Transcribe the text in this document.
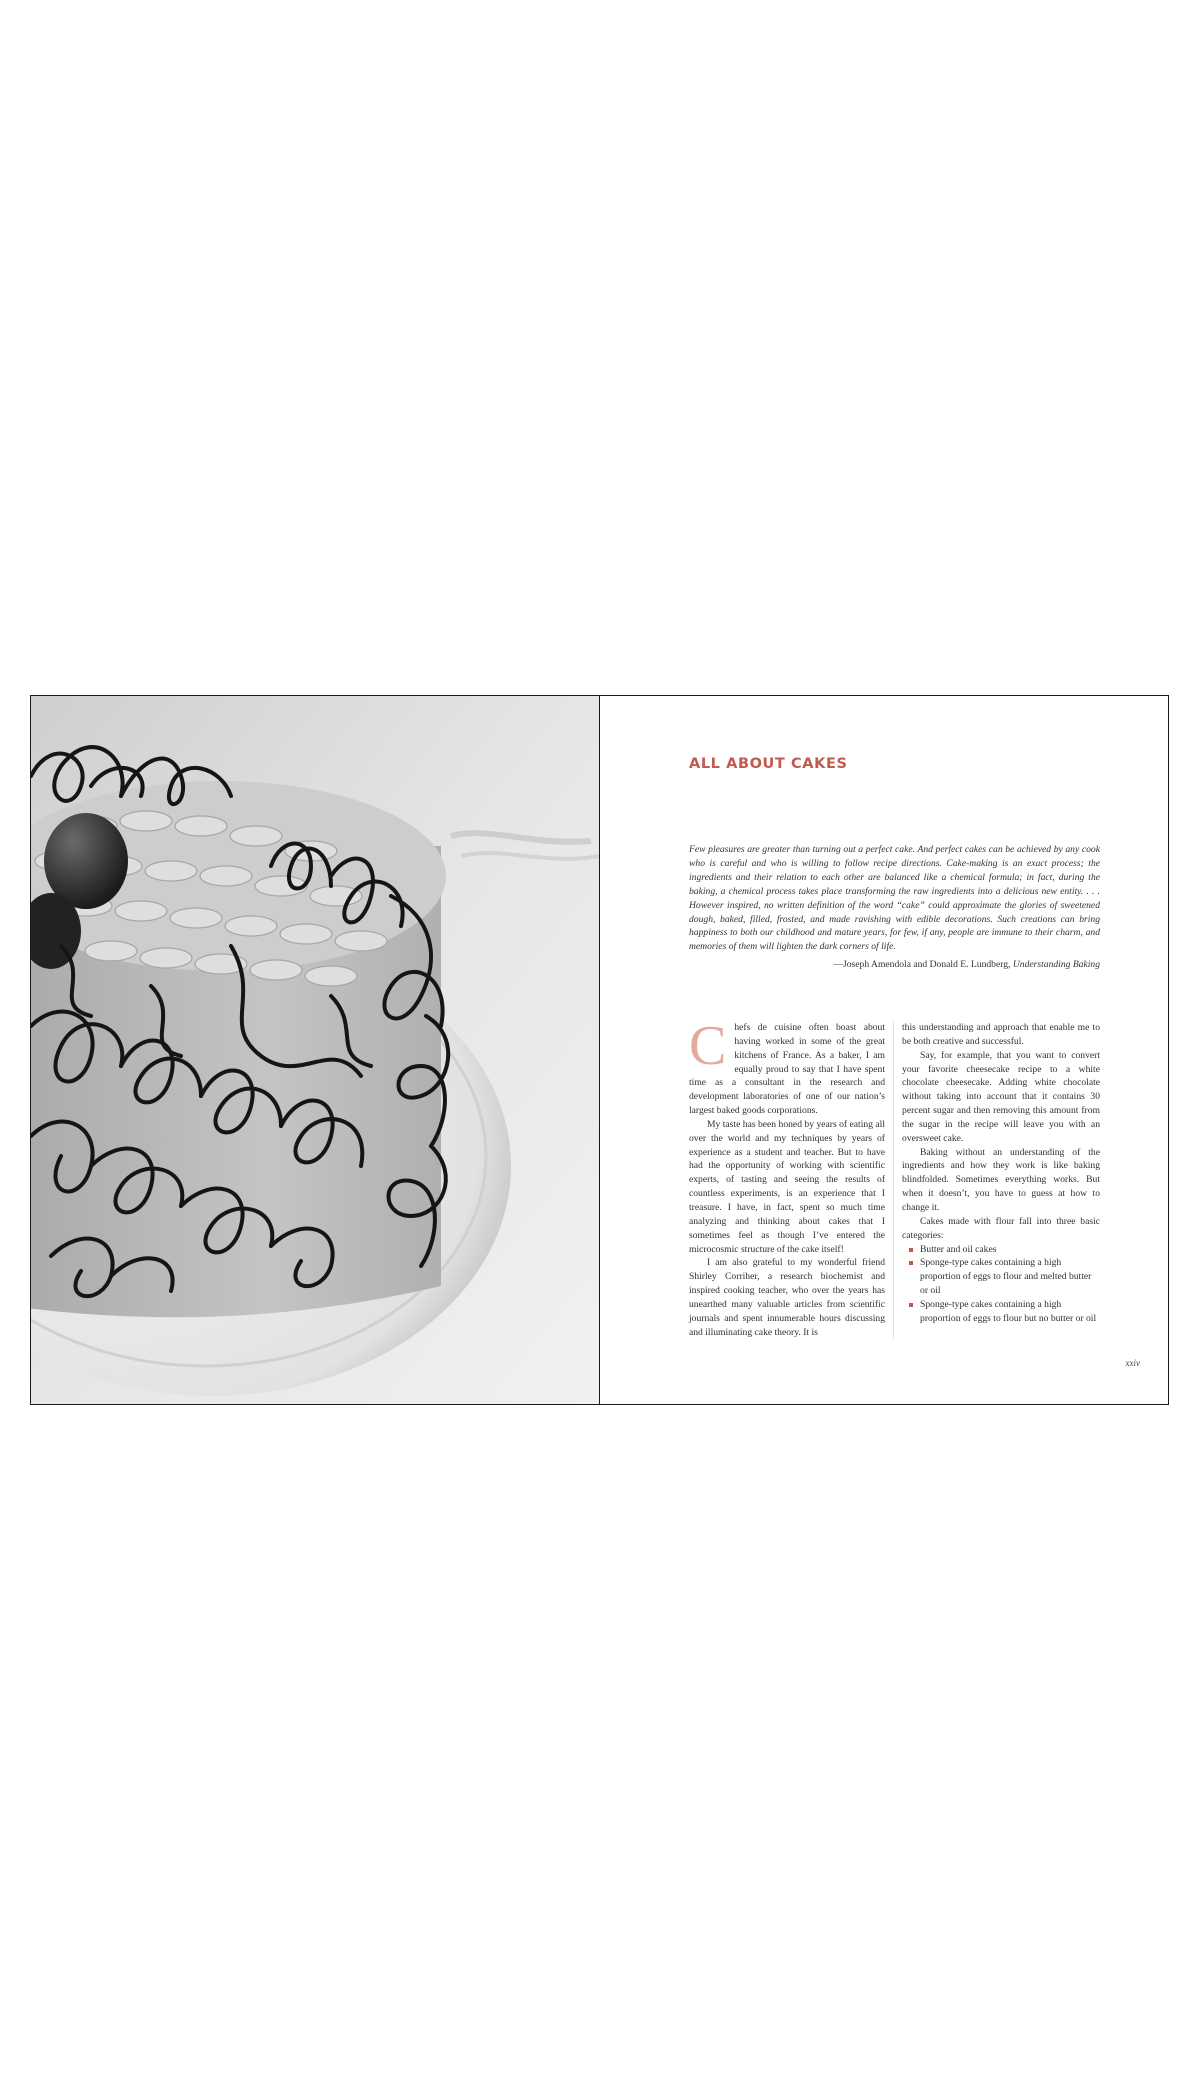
ALL ABOUT CAKES

Few pleasures are greater than turning out a perfect cake. And perfect cakes can be achieved by any cook who is careful and who is willing to follow recipe directions. Cake-making is an exact process; the ingredients and their relation to each other are balanced like a chemical formula; in fact, during the baking, a chemical process takes place transforming the raw ingredients into a delicious new entity. . . . However inspired, no written definition of the word “cake” could approximate the glories of sweetened dough, baked, filled, frosted, and made ravishing with edible decorations. Such creations can bring happiness to both our childhood and mature years, for few, if any, people are immune to their charm, and memories of them will lighten the dark corners of life.

—Joseph Amendola and Donald E. Lundberg, Understanding Baking

Chefs de cuisine often boast about having worked in some of the great kitchens of France. As a baker, I am equally proud to say that I have spent time as a consultant in the research and development laboratories of one of our nation’s largest baked goods corporations.

My taste has been honed by years of eating all over the world and my techniques by years of experience as a student and teacher. But to have had the opportunity of working with scientific experts, of tasting and seeing the results of countless experiments, is an experience that I treasure. I have, in fact, spent so much time analyzing and thinking about cakes that I sometimes feel as though I’ve entered the microcosmic structure of the cake itself!

I am also grateful to my wonderful friend Shirley Corriher, a research biochemist and inspired cooking teacher, who over the years has unearthed many valuable articles from scientific journals and spent innumerable hours discussing and illuminating cake theory. It is

this understanding and approach that enable me to be both creative and successful.

Say, for example, that you want to convert your favorite cheesecake recipe to a white chocolate cheesecake. Adding white chocolate without taking into account that it contains 30 percent sugar and then removing this amount from the sugar in the recipe will leave you with an oversweet cake.

Baking without an understanding of the ingredients and how they work is like baking blindfolded. Sometimes everything works. But when it doesn’t, you have to guess at how to change it.

Cakes made with flour fall into three basic categories:

Butter and oil cakes
Sponge-type cakes containing a high proportion of eggs to flour and melted butter or oil
Sponge-type cakes containing a high proportion of eggs to flour but no butter or oil

xxiv
